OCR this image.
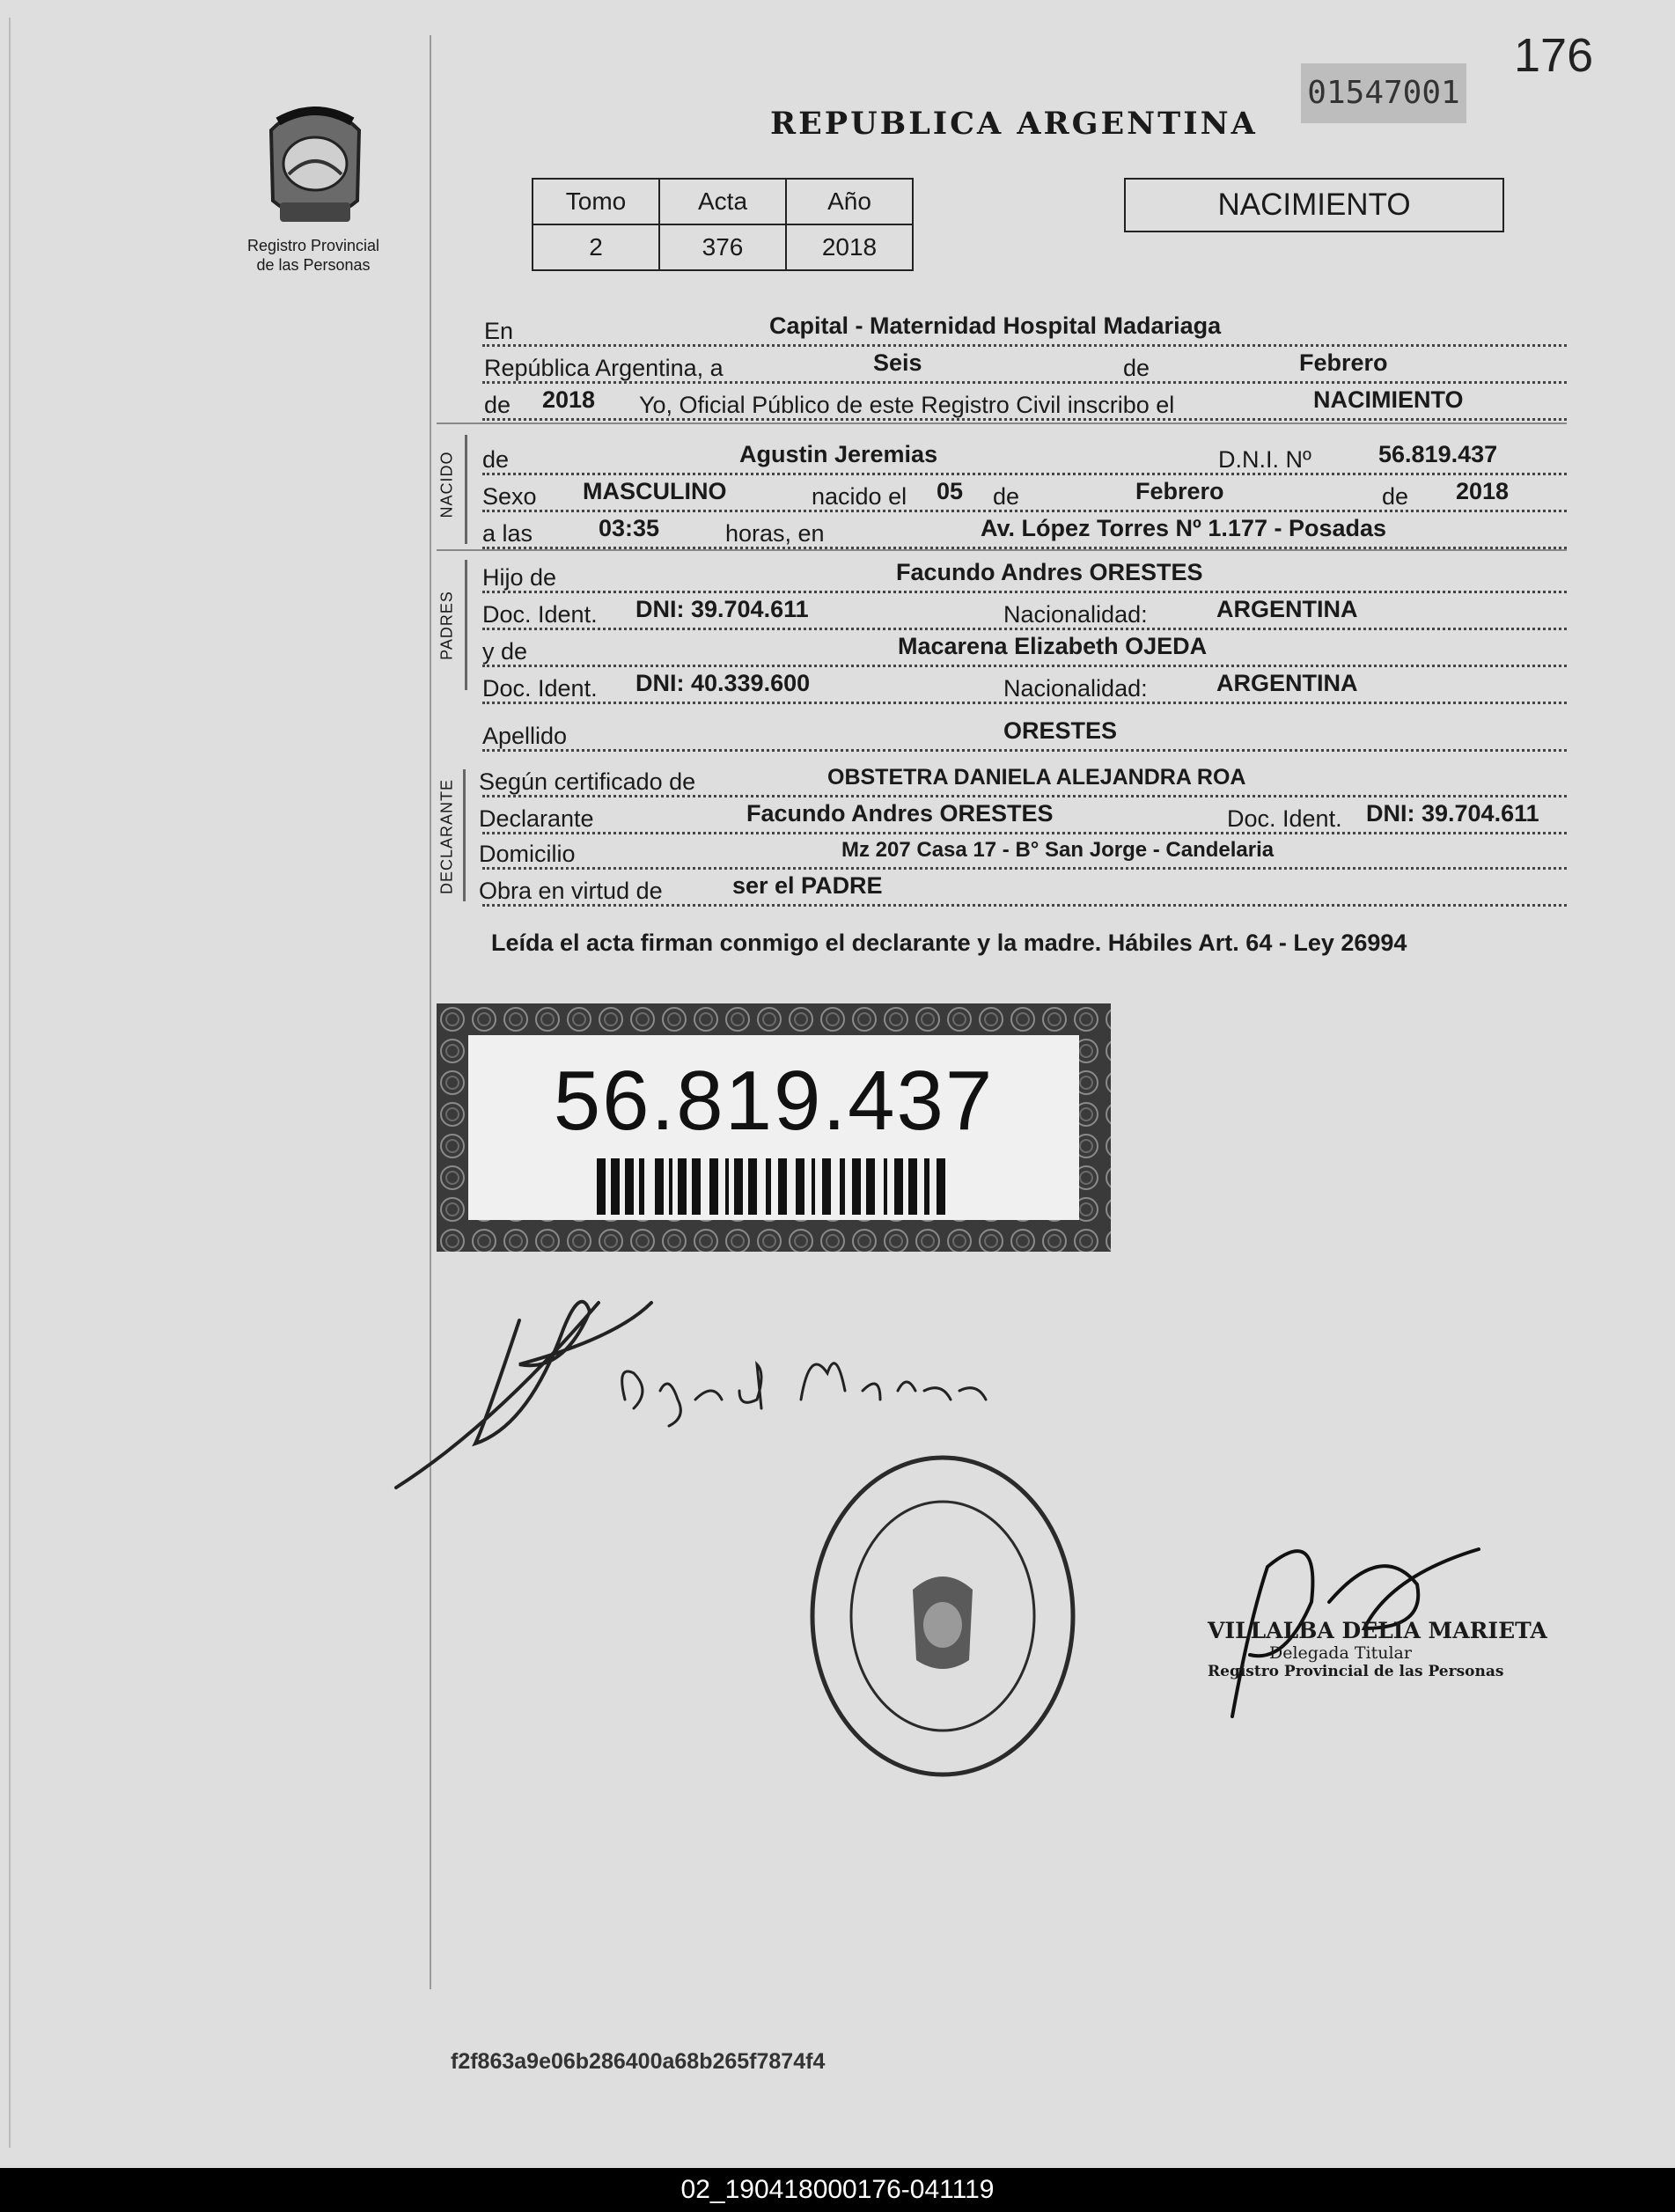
176
01547001
REPUBLICA ARGENTINA
Registro Provincial
de las Personas
Tomo	Acta	Año
2	376	2018
NACIMIENTO
En	Capital - Maternidad Hospital Madariaga
República Argentina, a	Seis	de	Febrero
de 2018 Yo, Oficial Público de este Registro Civil inscribo el	NACIMIENTO
NACIDO de	Agustin Jeremias	D.N.I. Nº	56.819.437
Sexo MASCULINO	nacido el 05 de	Febrero	de 2018
a las	03:35	horas, en	Av. López Torres Nº 1.177 - Posadas
PADRES
Hijo de	Facundo Andres ORESTES
Doc. Ident. DNI: 39.704.611	Nacionalidad:	ARGENTINA
y de	Macarena Elizabeth OJEDA
Doc. Ident. DNI: 40.339.600	Nacionalidad:	ARGENTINA
Apellido	ORESTES
DECLARANTE Según certificado de	OBSTETRA DANIELA ALEJANDRA ROA
Declarante	Facundo Andres ORESTES	Doc. Ident. DNI: 39.704.611
Domicilio	Mz 207 Casa 17 - B° San Jorge - Candelaria
Obra en virtud de	ser el PADRE
Leída el acta firman conmigo el declarante y la madre. Hábiles Art. 64 - Ley 26994
56.819.437
VILLALBA DELIA MARIETA
Delegada Titular
Registro Provincial de las Personas
f2f863a9e06b286400a68b265f7874f4
02_190418000176-041119
